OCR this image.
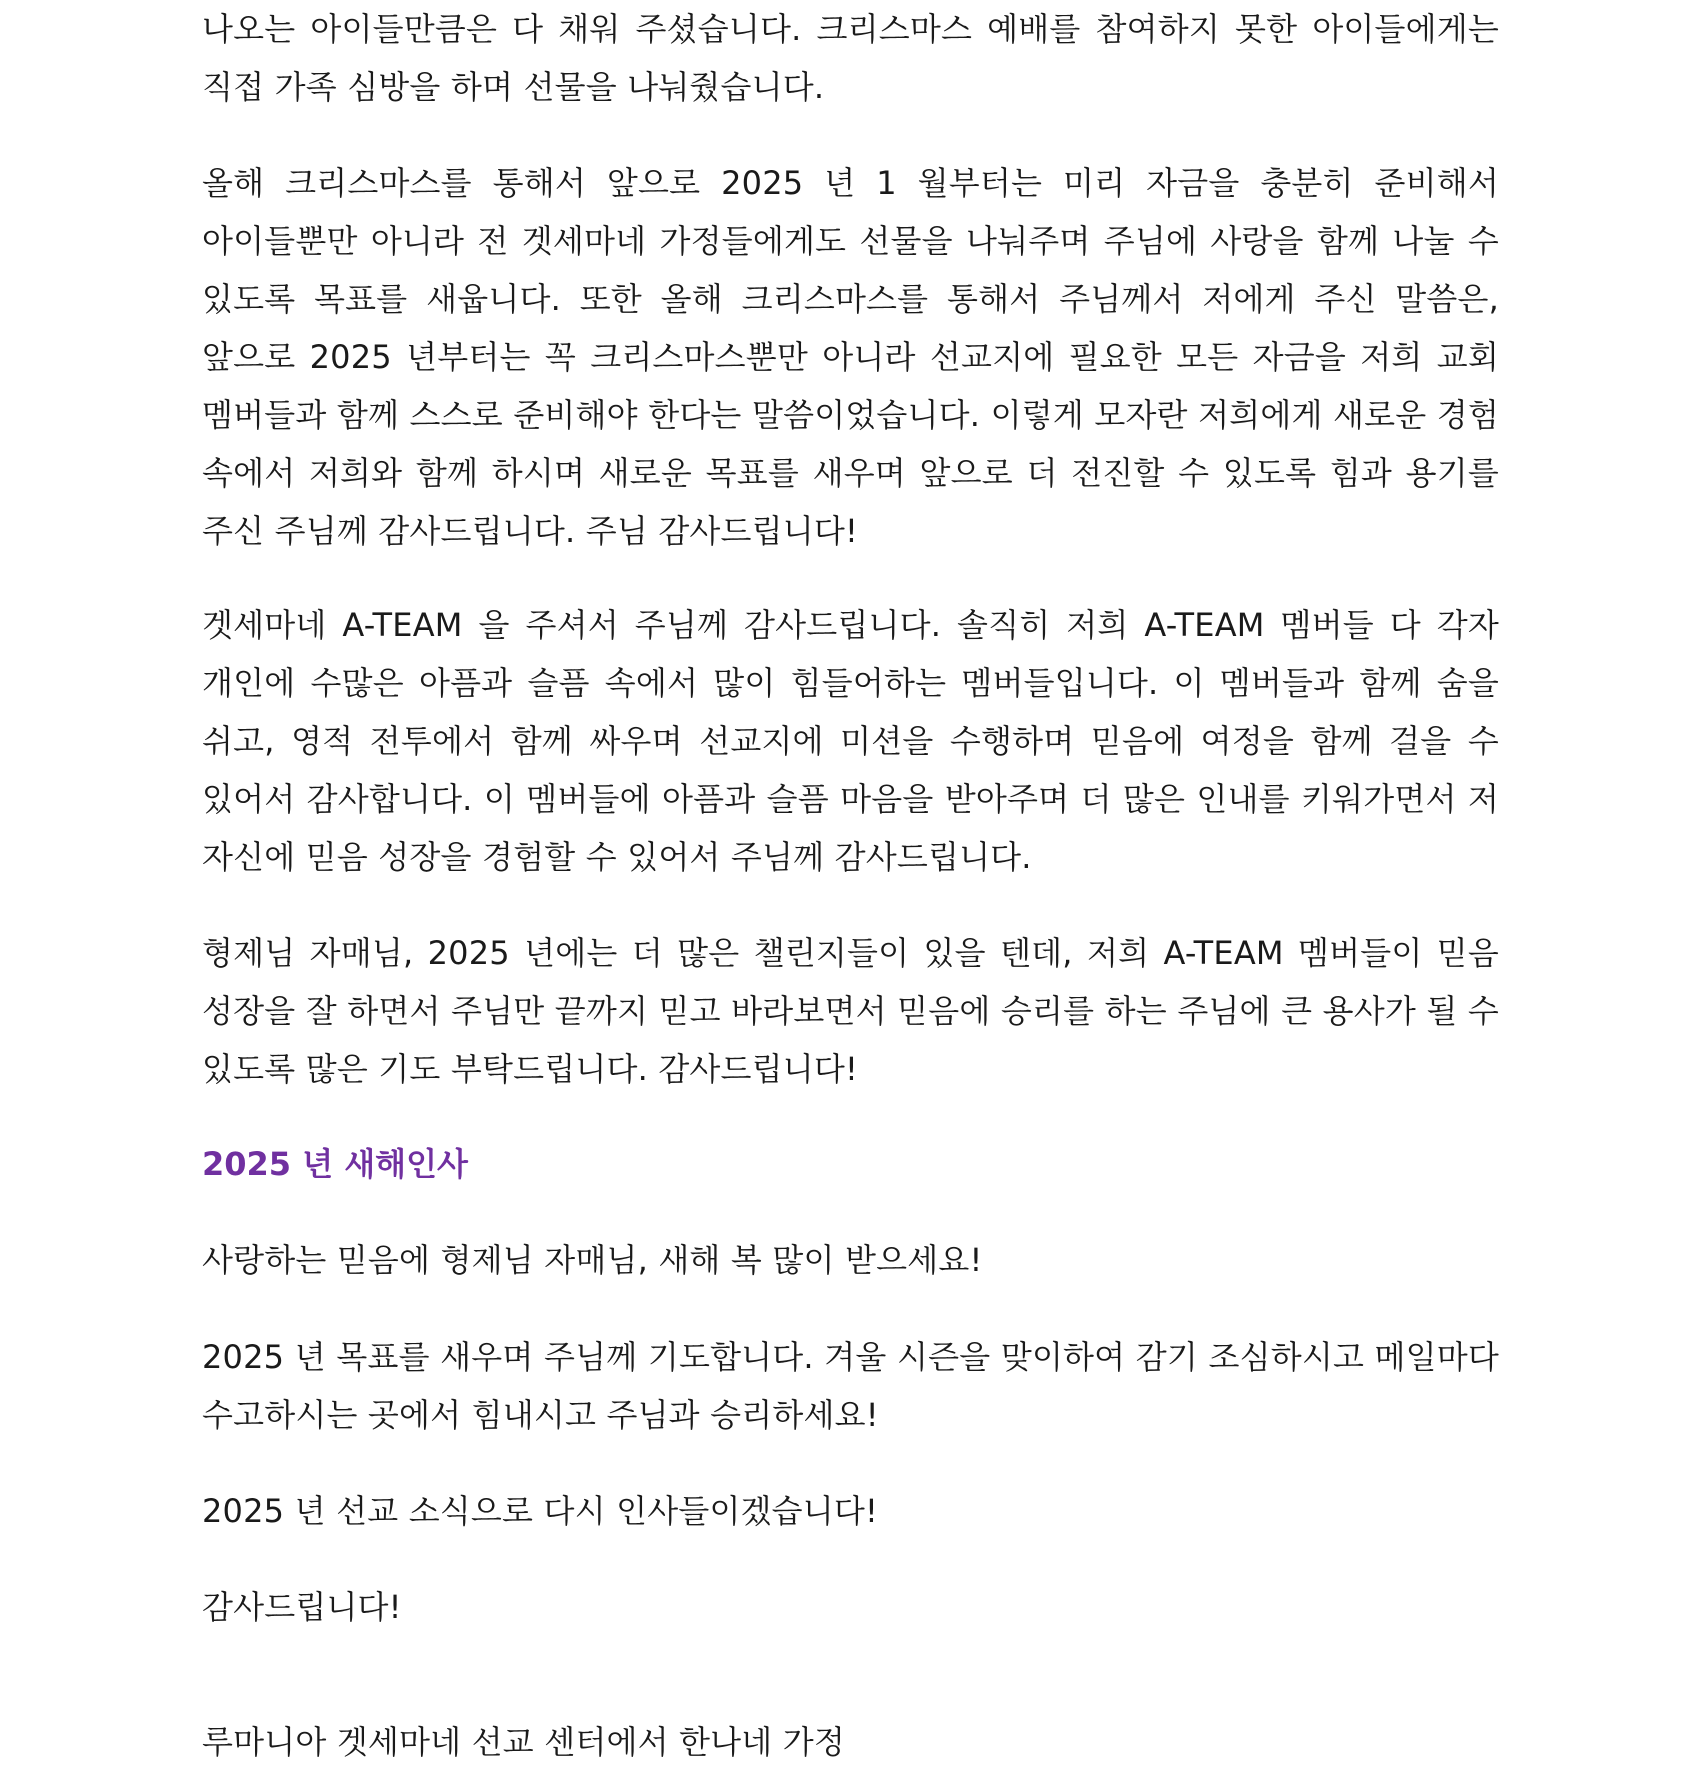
나오는 아이들만큼은 다 채워 주셨습니다. 크리스마스 예배를 참여하지 못한 아이들에게는 직접 가족 심방을 하며 선물을 나눠줬습니다.

올해 크리스마스를 통해서 앞으로 2025 년 1 월부터는 미리 자금을 충분히 준비해서 아이들뿐만 아니라 전 겟세마네 가정들에게도 선물을 나눠주며 주님에 사랑을 함께 나눌 수 있도록 목표를 새웁니다. 또한 올해 크리스마스를 통해서 주님께서 저에게 주신 말씀은, 앞으로 2025 년부터는 꼭 크리스마스뿐만 아니라 선교지에 필요한 모든 자금을 저희 교회 멤버들과 함께 스스로 준비해야 한다는 말씀이었습니다. 이렇게 모자란 저희에게 새로운 경험 속에서 저희와 함께 하시며 새로운 목표를 새우며 앞으로 더 전진할 수 있도록 힘과 용기를 주신 주님께 감사드립니다. 주님 감사드립니다!

겟세마네 A-TEAM 을 주셔서 주님께 감사드립니다. 솔직히 저희 A-TEAM 멤버들 다 각자 개인에 수많은 아픔과 슬픔 속에서 많이 힘들어하는 멤버들입니다. 이 멤버들과 함께 숨을 쉬고, 영적 전투에서 함께 싸우며 선교지에 미션을 수행하며 믿음에 여정을 함께 걸을 수 있어서 감사합니다. 이 멤버들에 아픔과 슬픔 마음을 받아주며 더 많은 인내를 키워가면서 저 자신에 믿음 성장을 경험할 수 있어서 주님께 감사드립니다.

형제님 자매님, 2025 년에는 더 많은 챌린지들이 있을 텐데, 저희 A-TEAM 멤버들이 믿음 성장을 잘 하면서 주님만 끝까지 믿고 바라보면서 믿음에 승리를 하는 주님에 큰 용사가 될 수 있도록 많은 기도 부탁드립니다. 감사드립니다!

2025 년 새해인사

사랑하는 믿음에 형제님 자매님, 새해 복 많이 받으세요!

2025 년 목표를 새우며 주님께 기도합니다. 겨울 시즌을 맞이하여 감기 조심하시고 메일마다 수고하시는 곳에서 힘내시고 주님과 승리하세요!

2025 년 선교 소식으로 다시 인사들이겠습니다!

감사드립니다!

루마니아 겟세마네 선교 센터에서 한나네 가정
